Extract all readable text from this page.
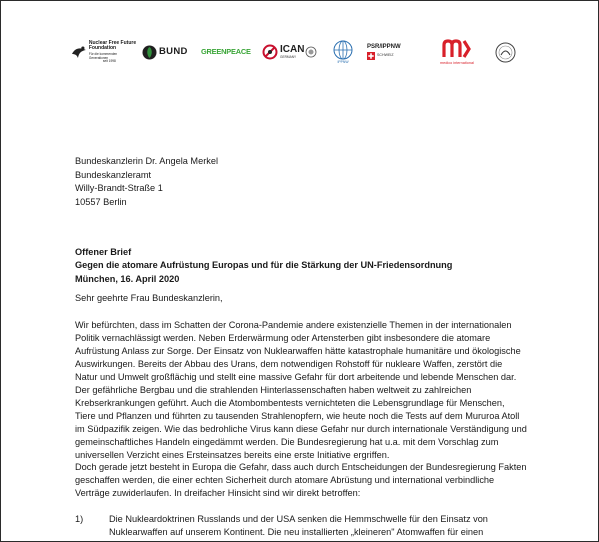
Nuclear Free Future
Foundation
Für die kommenden Generationen
seit 1998
BUND GREENPEACE	ICAN
GERMANY
IPPNW
PSR/IPPNW
SCHWEIZ
medico international
Bundeskanzlerin Dr. Angela Merkel
Bundeskanzleramt
Willy-Brandt-Straße 1
10557 Berlin
Offener Brief
Gegen die atomare Aufrüstung Europas und für die Stärkung der UN-Friedensordnung
München, 16. April 2020
Sehr geehrte Frau Bundeskanzlerin,
Wir befürchten, dass im Schatten der Corona-Pandemie andere existenzielle Themen in der internationalen
Politik vernachlässigt werden. Neben Erderwärmung oder Artensterben gibt insbesondere die atomare
Aufrüstung Anlass zur Sorge. Der Einsatz von Nuklearwaffen hätte katastrophale humanitäre und ökologische
Auswirkungen. Bereits der Abbau des Urans, dem notwendigen Rohstoff für nukleare Waffen, zerstört die
Natur und Umwelt großflächig und stellt eine massive Gefahr für dort arbeitende und lebende Menschen dar.
Der gefährliche Bergbau und die strahlenden Hinterlassenschaften haben weltweit zu zahlreichen
Krebserkrankungen geführt. Auch die Atombombentests vernichteten die Lebensgrundlage für Menschen,
Tiere und Pflanzen und führten zu tausenden Strahlenopfern, wie heute noch die Tests auf dem Mururoa Atoll
im Südpazifik zeigen. Wie das bedrohliche Virus kann diese Gefahr nur durch internationale Verständigung und
gemeinschaftliches Handeln eingedämmt werden. Die Bundesregierung hat u.a. mit dem Vorschlag zum
universellen Verzicht eines Ersteinsatzes bereits eine erste Initiative ergriffen.
Doch gerade jetzt besteht in Europa die Gefahr, dass auch durch Entscheidungen der Bundesregierung Fakten
geschaffen werden, die einer echten Sicherheit durch atomare Abrüstung und international verbindliche
Verträge zuwiderlaufen. In dreifacher Hinsicht sind wir direkt betroffen:
1)	Die Nukleardoktrinen Russlands und der USA senken die Hemmschwelle für den Einsatz von
Nuklearwaffen auf unserem Kontinent. Die neu installierten „kleineren" Atomwaffen für einen
